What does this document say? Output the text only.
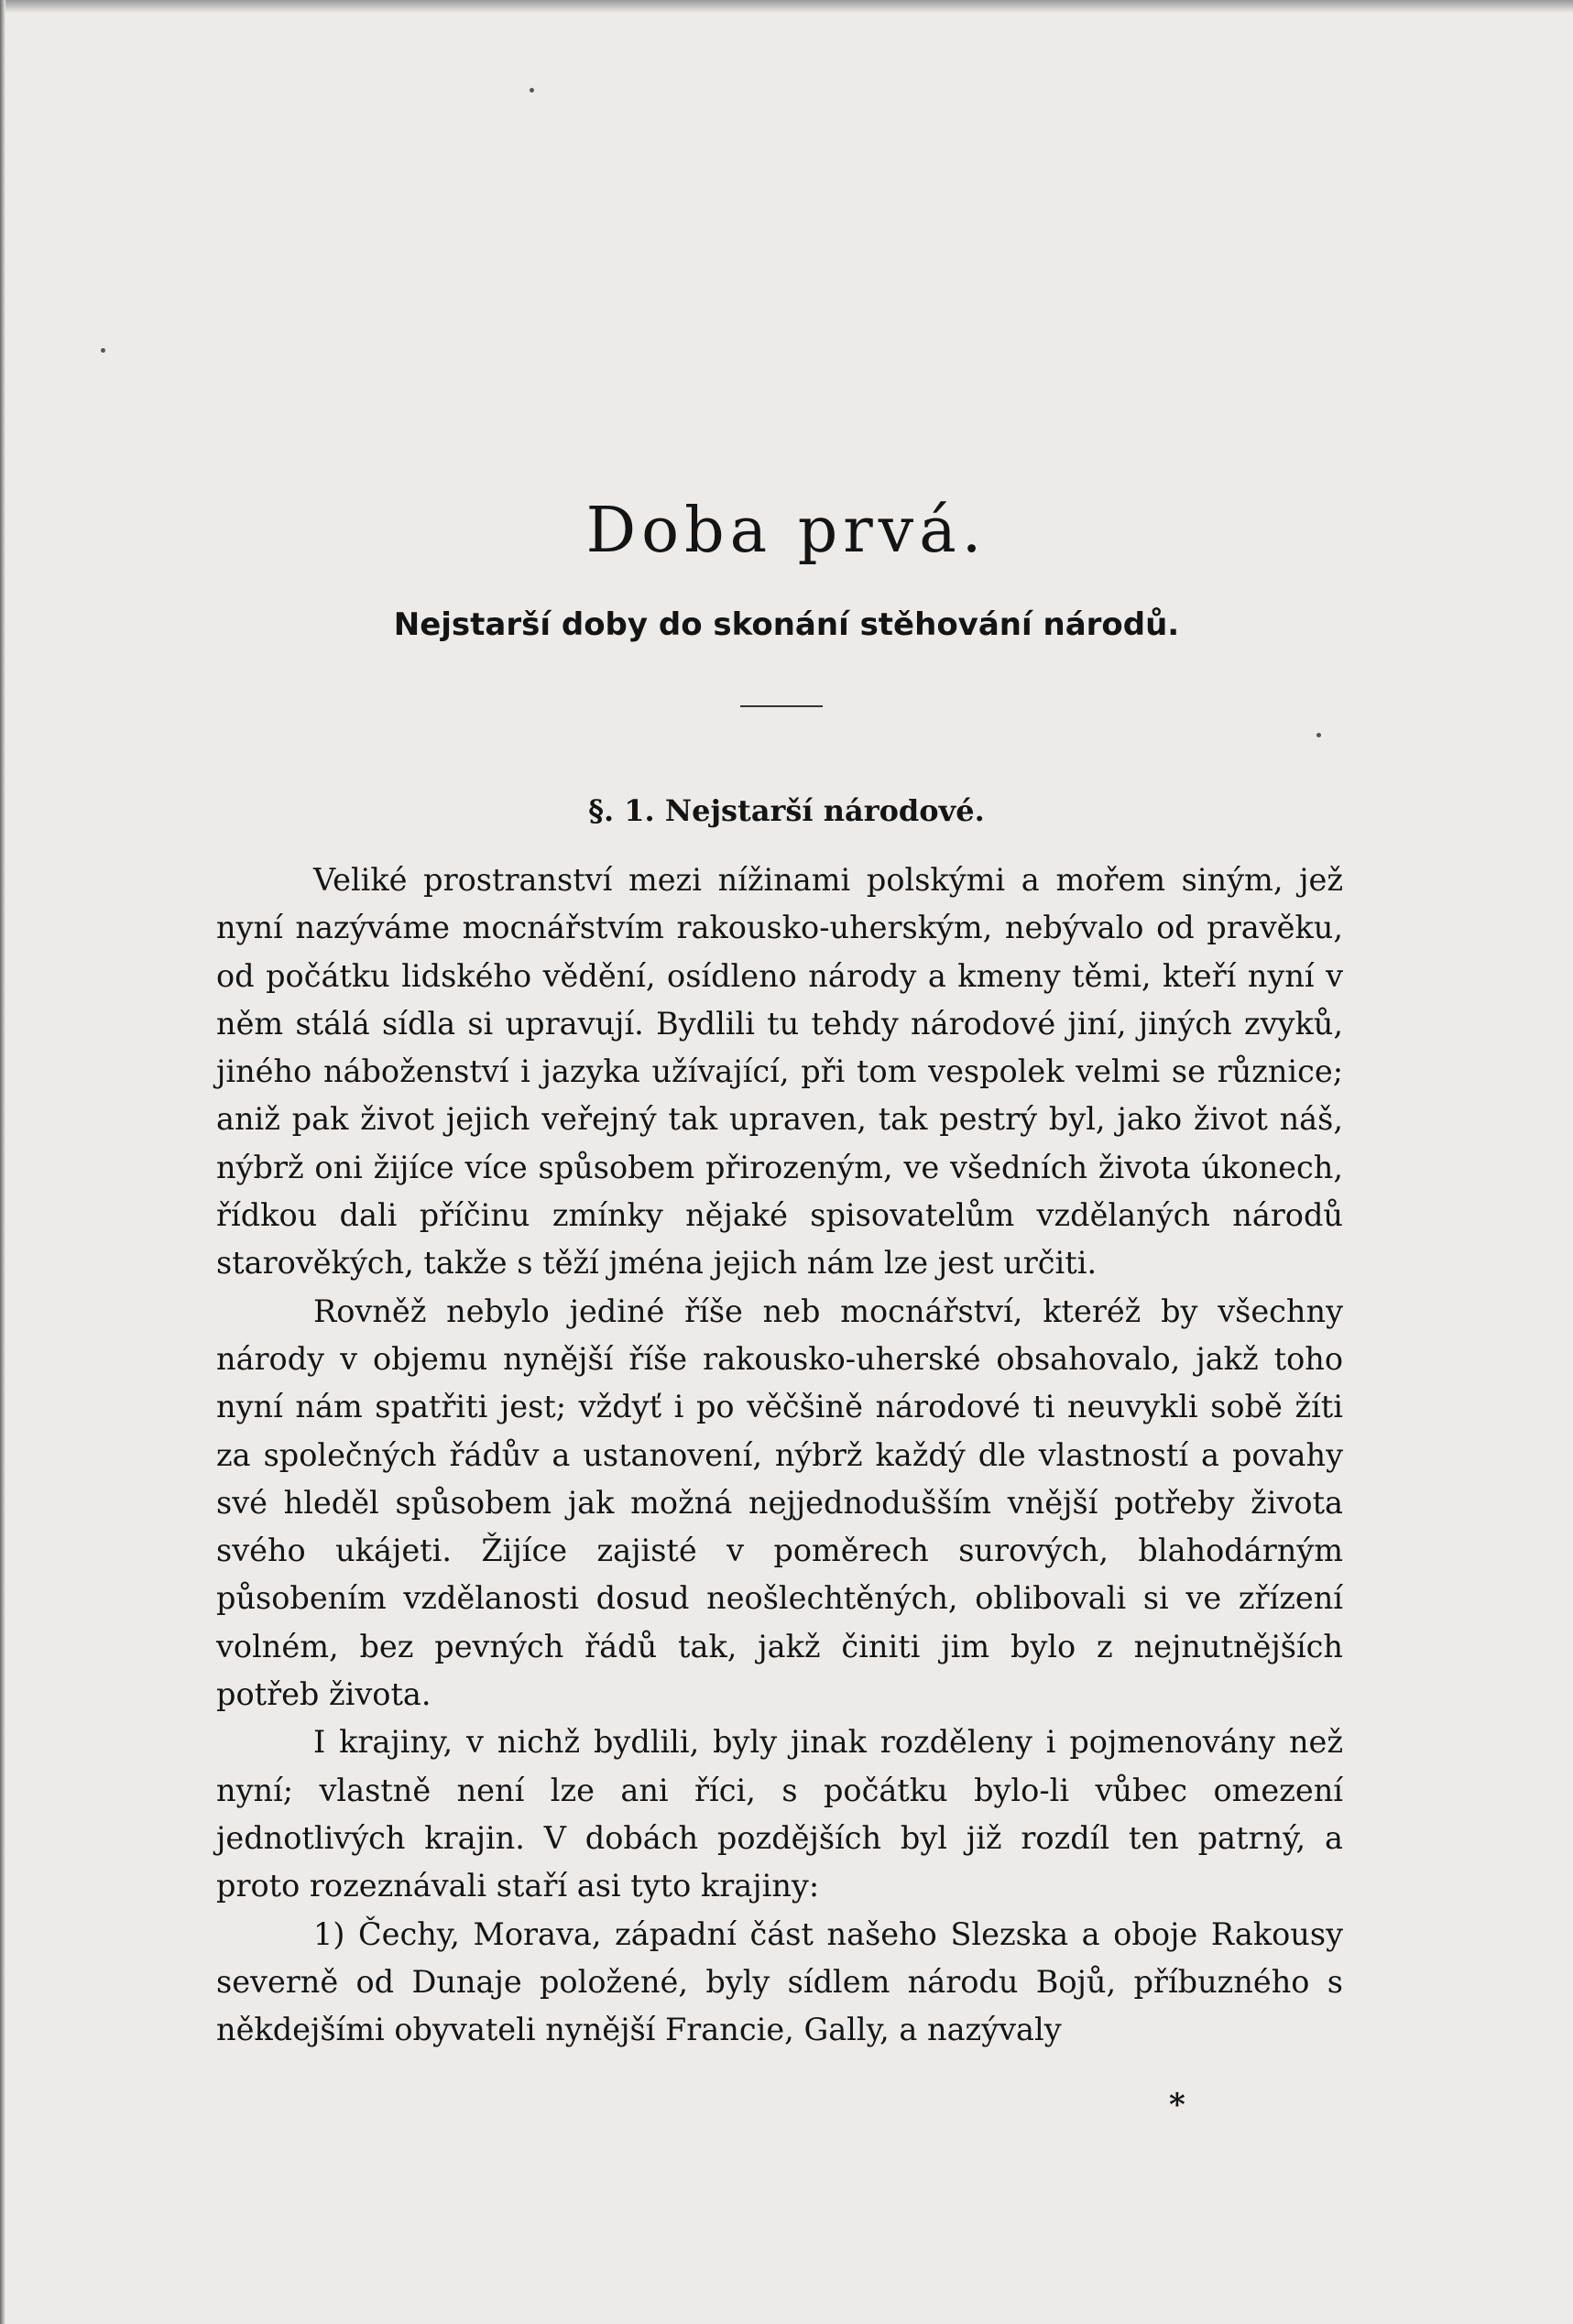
Doba prvá.
Nejstarší doby do skonání stěhování národů.
§. 1. Nejstarší národové.

Veliké prostranství mezi nížinami polskými a mořem siným, jež nyní nazýváme mocnářstvím rakousko-uherským, nebývalo od pravěku, od počátku lidského vědění, osídleno národy a kmeny těmi, kteří nyní v něm stálá sídla si upravují. Bydlili tu tehdy národové jiní, jiných zvyků, jiného náboženství i jazyka užívající, při tom vespolek velmi se různice; aniž pak život jejich veřejný tak upraven, tak pestrý byl, jako život náš, nýbrž oni žijíce více spůsobem přirozeným, ve všedních života úkonech, řídkou dali příčinu zmínky nějaké spisovatelům vzdělaných národů starověkých, takže s těží jména jejich nám lze jest určiti.

Rovněž nebylo jediné říše neb mocnářství, kteréž by všechny národy v objemu nynější říše rakousko-uherské obsahovalo, jakž toho nyní nám spatřiti jest; vždyť i po věčšině národové ti neuvykli sobě žíti za společných řádův a ustanovení, nýbrž každý dle vlastností a povahy své hleděl spůsobem jak možná nejjednodušším vnější potřeby života svého ukájeti. Žijíce zajisté v poměrech surových, blahodárným působením vzdělanosti dosud neošlechtěných, oblibovali si ve zřízení volném, bez pevných řádů tak, jakž činiti jim bylo z nejnutnějších potřeb života.

I krajiny, v nichž bydlili, byly jinak rozděleny i pojmenovány než nyní; vlastně není lze ani říci, s počátku bylo-li vůbec omezení jednotlivých krajin. V dobách pozdějších byl již rozdíl ten patrný, a proto rozeznávali staří asi tyto krajiny:

1) Čechy, Morava, západní část našeho Slezska a oboje Rakousy severně od Dunaje položené, byly sídlem národu Bojů, příbuzného s někdejšími obyvateli nynější Francie, Gally, a nazývaly

*
